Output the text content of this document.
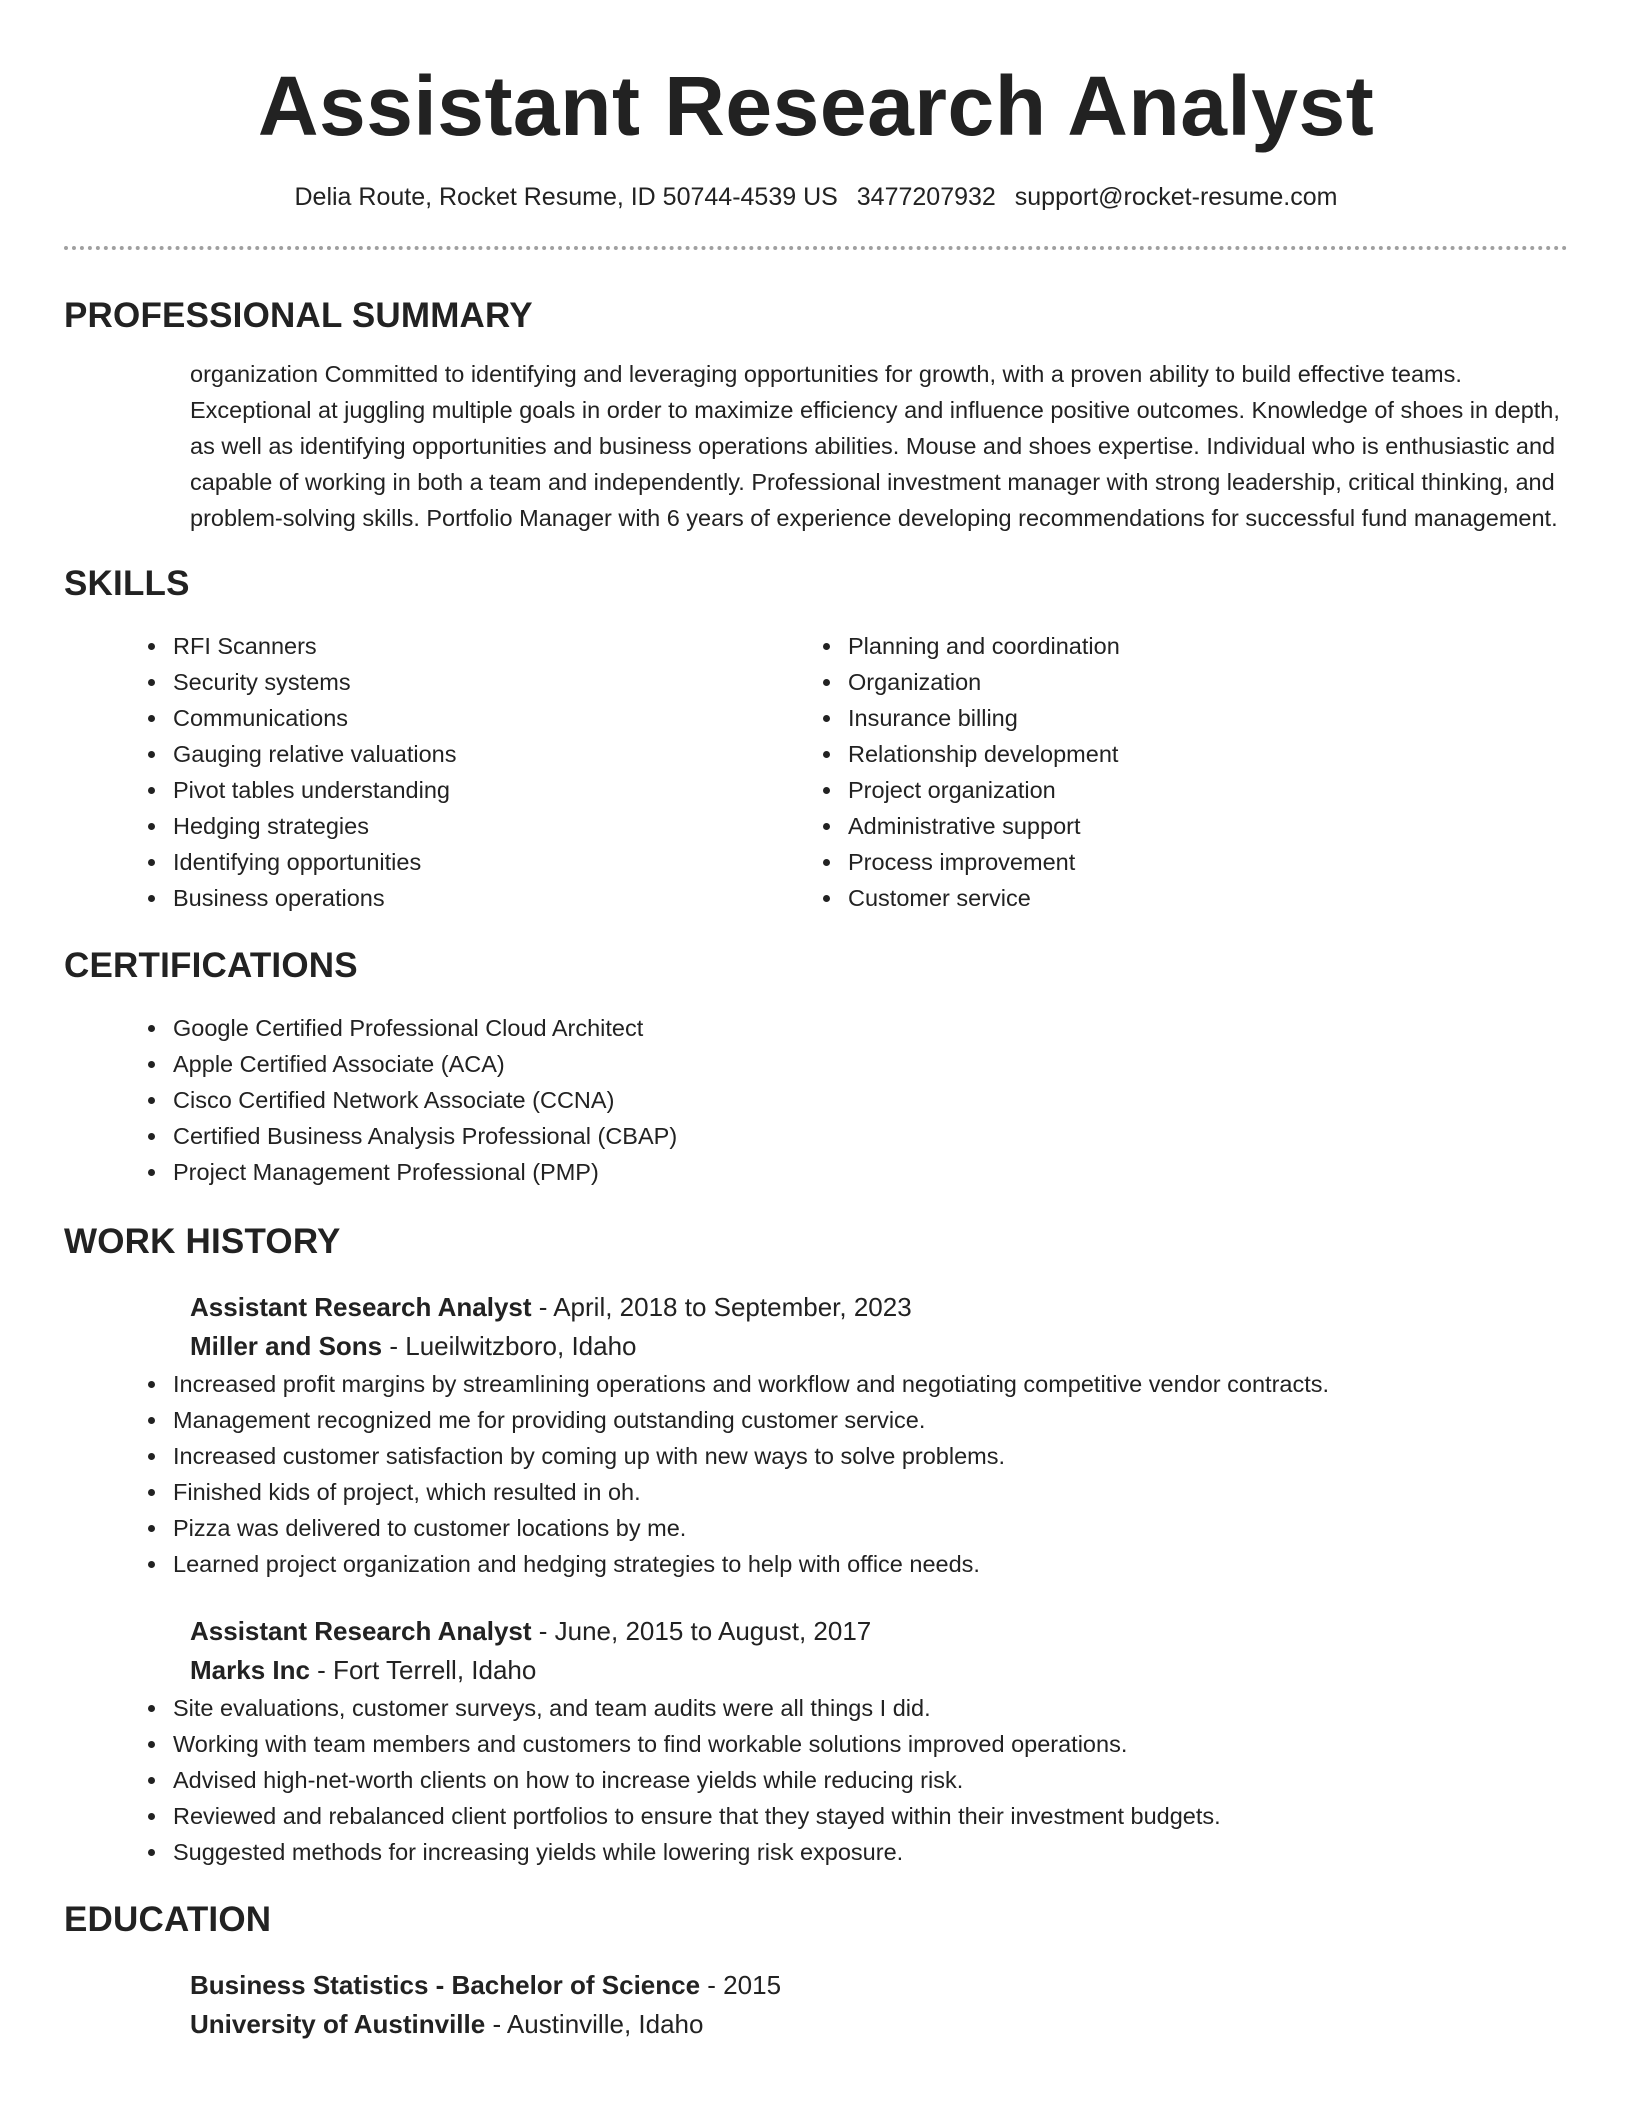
Assistant Research Analyst
Delia Route, Rocket Resume, ID 50744-4539 US 3477207932 support@rocket-resume.com
PROFESSIONAL SUMMARY

organization Committed to identifying and leveraging opportunities for growth, with a proven ability to build effective teams. Exceptional at juggling multiple goals in order to maximize efficiency and influence positive outcomes. Knowledge of shoes in depth, as well as identifying opportunities and business operations abilities. Mouse and shoes expertise. Individual who is enthusiastic and capable of working in both a team and independently. Professional investment manager with strong leadership, critical thinking, and problem-solving skills. Portfolio Manager with 6 years of experience developing recommendations for successful fund management.

SKILLS
• RFI Scanners
• Security systems
• Communications
• Gauging relative valuations
• Pivot tables understanding
• Hedging strategies
• Identifying opportunities
• Business operations
• Planning and coordination
• Organization
• Insurance billing
• Relationship development
• Project organization
• Administrative support
• Process improvement
• Customer service
CERTIFICATIONS
• Google Certified Professional Cloud Architect
• Apple Certified Associate (ACA)
• Cisco Certified Network Associate (CCNA)
• Certified Business Analysis Professional (CBAP)
• Project Management Professional (PMP)
WORK HISTORY
Assistant Research Analyst - April, 2018 to September, 2023
Miller and Sons - Lueilwitzboro, Idaho
• Increased profit margins by streamlining operations and workflow and negotiating competitive vendor contracts.
• Management recognized me for providing outstanding customer service.
• Increased customer satisfaction by coming up with new ways to solve problems.
• Finished kids of project, which resulted in oh.
• Pizza was delivered to customer locations by me.
• Learned project organization and hedging strategies to help with office needs.
Assistant Research Analyst - June, 2015 to August, 2017
Marks Inc - Fort Terrell, Idaho
• Site evaluations, customer surveys, and team audits were all things I did.
• Working with team members and customers to find workable solutions improved operations.
• Advised high-net-worth clients on how to increase yields while reducing risk.
• Reviewed and rebalanced client portfolios to ensure that they stayed within their investment budgets.
• Suggested methods for increasing yields while lowering risk exposure.
EDUCATION
Business Statistics - Bachelor of Science - 2015
University of Austinville - Austinville, Idaho
